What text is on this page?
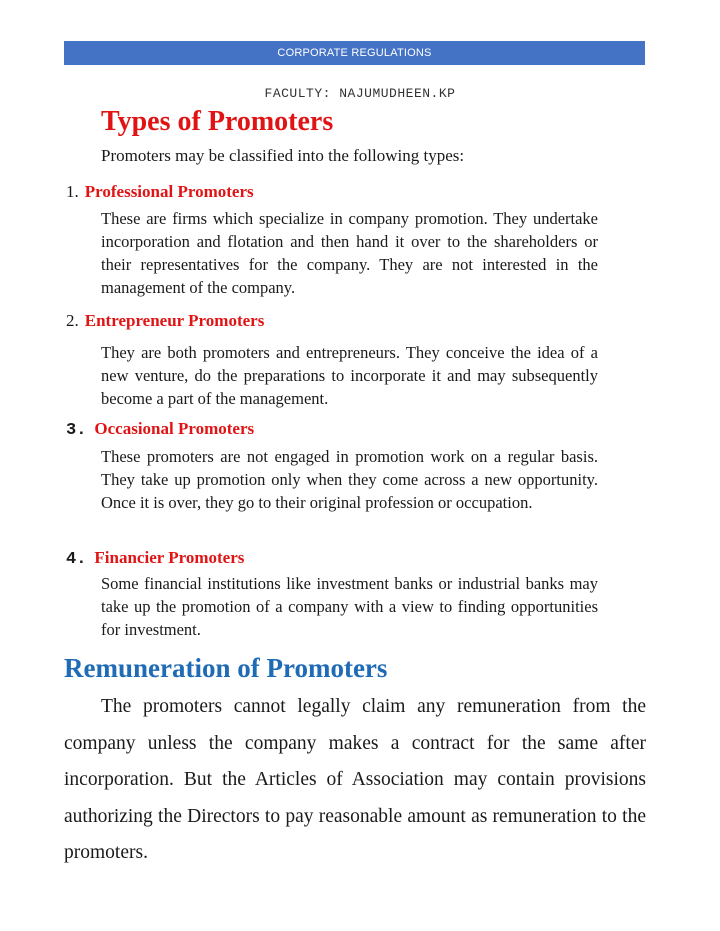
CORPORATE REGULATIONS
FACULTY: NAJUMUDHEEN.KP
Types of Promoters
Promoters may be classified into the following types:
1. Professional Promoters
These are firms which specialize in company promotion. They undertake incorporation and flotation and then hand it over to the shareholders or their representatives for the company. They are not interested in the management of the company.
2. Entrepreneur Promoters
They are both promoters and entrepreneurs. They conceive the idea of a new venture, do the preparations to incorporate it and may subsequently become a part of the management.
3. Occasional Promoters
These promoters are not engaged in promotion work on a regular basis. They take up promotion only when they come across a new opportunity. Once it is over, they go to their original profession or occupation.
4. Financier Promoters
Some financial institutions like investment banks or industrial banks may take up the promotion of a company with a view to finding opportunities for investment.
Remuneration of Promoters
The promoters cannot legally claim any remuneration from the company unless the company makes a contract for the same after incorporation. But the Articles of Association may contain provisions authorizing the Directors to pay reasonable amount as remuneration to the promoters.
